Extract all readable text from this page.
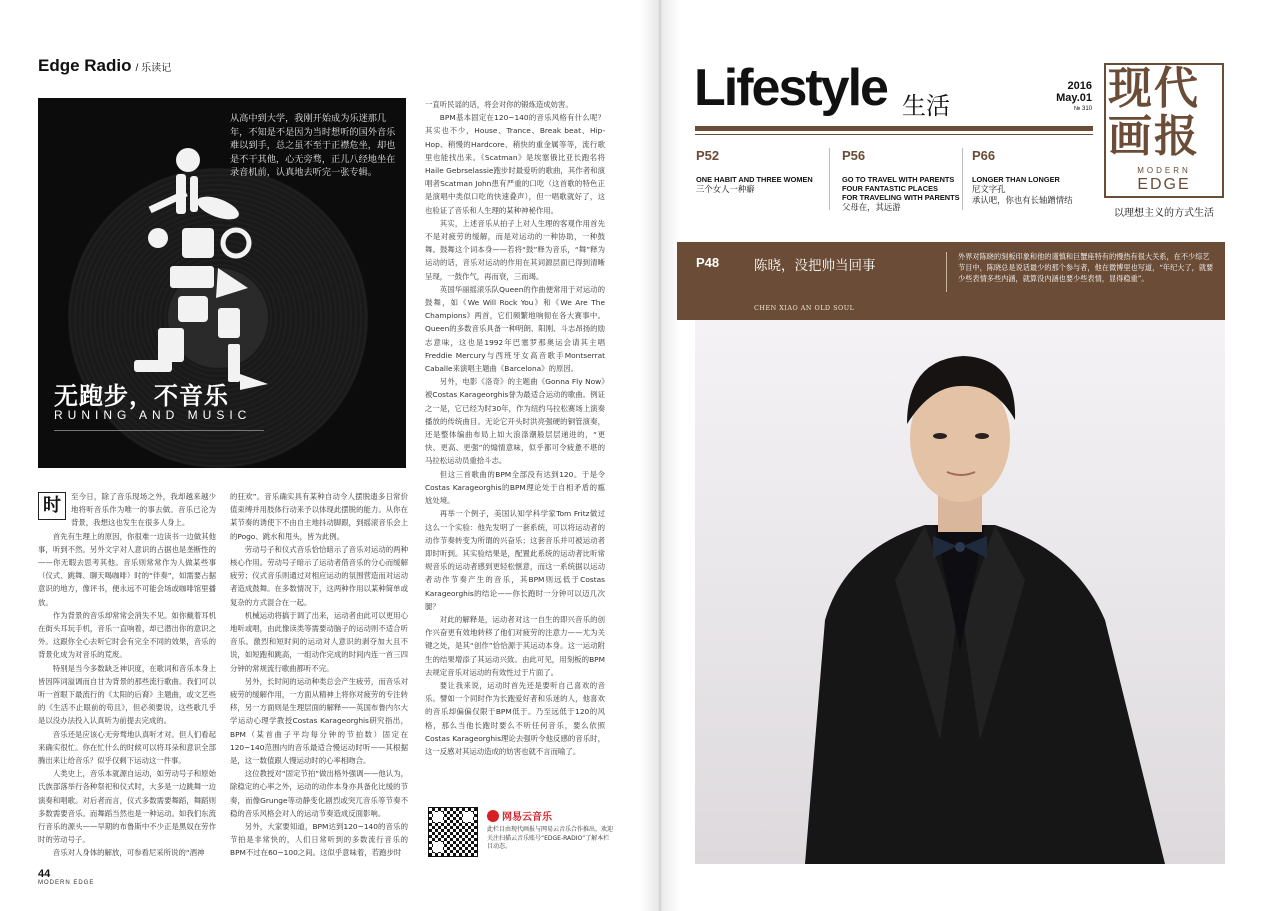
Edge Radio / 乐读记
从高中到大学，我刚开始成为乐迷那几年，不知是不是因为当时想听的国外音乐难以到手，总之虽不至于正襟危坐，却也是不干其他，心无旁骛，正儿八经地坐在录音机前，认真地去听完一张专辑。
无跑步，不音乐
RUNING AND MUSIC
时	至今日，除了音乐现场之外，我却越来越少地将听音乐作为唯一的事去做。音乐已沦为背景，我想这也发生在很多人身上。

首先有生理上的原因，你很难一边读书一边做其他事，听到不然。另外文字对人意识的占据也是垄断性的——你无暇去思考其他。音乐则常常作为人做某些事（仪式、跳舞、聊天喝咖啡）时的“伴奏”，如需要占据意识的地方，像评书，便永远不可能会场或咖啡馆里播放。

作为背景的音乐却常常会消失不见。如你戴着耳机在街头耳玩手机，音乐一直响着，却已潜出你的意识之外。这跟你全心去听它时会有完全不同的效果，音乐的背景化成为对音乐的荒废。

特别是当今多数缺乏神识度，在歌词和音乐本身上皆因阵词溢调而自甘为背景的那些流行歌曲。我们可以听一首眼下最流行的《太阳的后裔》主题曲，或文艺些的《生活不止眼前的苟且》，但必须要说，这些歌几乎是以没办法投入认真听为前提去完成的。

音乐还是应该心无旁骛地认真听才对。但人们看起来确实很忙。你在忙什么的时候可以将耳朵和意识全部腾出来让给音乐？似乎仅剩下运动这一件事。

人类史上，音乐本就源自运动，如劳动号子和原始氏族部落举行各种祭祀和仪式时，大多是一边跳舞一边演奏和唱歌。对后者而言，仪式多数需要舞蹈，舞蹈则多数需要音乐。而舞蹈当然也是一种运动。如我们东流行音乐的源头——早期的布鲁斯中不少正是黑奴在劳作时的劳动号子。

音乐对人身体的解放，可参看尼采所说的“酒神

的狂欢”。音乐确实具有某种自动令人摆脱遗多日常价值束缚并用肢体行动来予以体现此摆脱的能力。从你在某节奏的诱使下不由自主地抖动脚跟，到摇滚音乐会上的Pogo、跳水和甩头，皆为此例。

劳动号子和仪式音乐恰恰暗示了音乐对运动的两种核心作用。劳动号子暗示了运动者借音乐的分心而缓解疲劳；仪式音乐则通过对相应运动的氛围营造而对运动者造成鼓舞。在多数情况下，这两种作用以某种简单或复杂的方式混合在一起。

机械运动将搞于调了出来，运动者由此可以更用心地听或唱，由此像读类等需要动脑子的运动则不适合听音乐。激烈和短时间的运动对人意识的剥夺加大且不说，如短跑和跳高，一组动作完成的时间内连一首三四分钟的常规流行歌曲都听不完。

另外，长时间的运动种类总会产生疲劳，而音乐对疲劳的缓解作用，一方面从精神上将你对疲劳的专注转移，另一方面则是生理层面的解释——英国布鲁内尔大学运动心理学教授Costas Karageorghis研究指出，BPM（某首曲子平均每分钟的节拍数）固定在120~140范围内的音乐最适合慢运动时听——其根据是，这一数值跟人慢运动时的心率相吻合。

这位教授对“固定节拍”做出格外强调——他认为，除稳定的心率之外，运动的动作本身亦具备化比缓的节奏，而像Grunge等动静变化剧烈或突兀音乐等节奏不稳的音乐风格会对人的运动节奏造成反面影响。

另外，大家要知道，BPM达到120~140的音乐的节拍是非常快的，人们日常听到的多数流行音乐的BPM不过在60~100之间。这似乎意味着，若跑步时

一直听民谣的话，将会对你的锻炼造成妨害。

BPM基本固定在120~140的音乐风格有什么呢？其实也不少，House、Trance、Break beat、Hip-Hop、稍慢的Hardcore、稍快的重金属等等，流行歌里也能找出来。《Scatman》是埃塞俄比亚长跑名将Haile Gebrselassie跑步时最爱听的歌曲，其作者和演唱者Scatman John患有严重的口吃（这首歌的特色正是演唱中类似口吃的快速叠声），但一唱歌就好了，这也验证了音乐和人生理的某种神秘作用。

其实，上述音乐从拍子上对人生理的客观作用首先不是对疲劳的缓解，而是对运动的一种协助，一种鼓舞。鼓舞这个词本身——若将“鼓”释为音乐，“舞”释为运动的话，音乐对运动的作用在其词源层面已得到清晰呈现，一鼓作气，再而衰，三而竭。

英国华丽摇滚乐队Queen的作曲便常用于对运动的鼓舞，如《We Will Rock You》和《We Are The Champions》两首，它们频繁地响彻在各大赛事中。Queen的多数音乐具备一种明朗、阳刚、斗志昂扬的励志意味，这也是1992年巴塞罗那奥运会请其主唱Freddie Mercury与西班牙女高音歌手Montserrat Caballe来演唱主题曲《Barcelona》的原因。

另外，电影《洛奇》的主题曲《Gonna Fly Now》被Costas Karageorghis誉为最适合运动的歌曲。例证之一是，它已经为时30年，作为纽约马拉松赛场上演奏播放的传统曲目。无论它开头时洪亮强硬的铜管演奏，还是整体编曲布局上如大浪涤潮般层层递进的，“更快、更高、更强”的煽情意味，似乎都可令疲惫不堪的马拉松运动员重拾斗志。

但这三首歌曲的BPM全部没有达到120。于是令Costas Karageorghis的BPM理论处于自相矛盾的尴尬处境。

再举一个例子，美国认知学科学家Tom Fritz做过这么一个实验：他先发明了一套系统，可以将运动者的动作节奏转变为所谓的兴奋乐；这套音乐并可被运动者即时听到。其实验结果是，配置此系统的运动者比听常规音乐的运动者感到更轻松惬意，而这一系统据以运动者动作节奏产生的音乐，其BPM则远低于Costas Karageorghis的结论——你长跑时一分钟可以迈几次腿？

对此的解释是，运动者对这一自生的即兴音乐的创作兴奋更有效地转移了他们对疲劳的注意力——尤为关键之处，是其“创作”恰恰源于其运动本身。这一运动附生的结果增添了其运动兴致。由此可见，用刻板的BPM去规定音乐对运动的有效性过于片面了。

要让我来说，运动时首先还是要听自己喜欢的音乐。譬如一个同时作为长跑爱好者和乐迷的人，他喜欢的音乐却偏偏仅限于BPM低于。乃至远低于120的风格，那么当他长跑时要么不听任何音乐，要么依照Costas Karageorghis理论去强听令他反感的音乐时，这一反感对其运动造成的妨害也就不言而喻了。

网易云音乐
此栏目由现代画报与网易云音乐合作推出，欢迎关注扫描云音乐账号“EDGE-RADIO”了解本栏目动态。
44
MODERN EDGE
Lifestyle 生活
2016
May.01
№ 310 现代
画报
MODERN
EDGE
以理想主义的方式生活
P52
ONE HABIT AND THREE WOMEN
三个女人一种癖
P56
GO TO TRAVEL WITH PARENTS
FOUR FANTASTIC PLACES
FOR TRAVELING WITH PARENTS
父母在，其远游
P66
LONGER THAN LONGER
尼文字孔
承认吧，你也有长轴蹭情结
P48	陈晓，没把帅当回事
CHEN XIAO AN OLD SOUL
外界对陈晓的刻板印象和他的谨慎和巨蟹座特有的慢热有很大关系，在不少综艺节目中，陈晓总是说话最少的那个参与者，他在微博里也写道，“年纪大了，就要少些表情多些内涵，就算没内涵也要少些表情，显得稳重”。
